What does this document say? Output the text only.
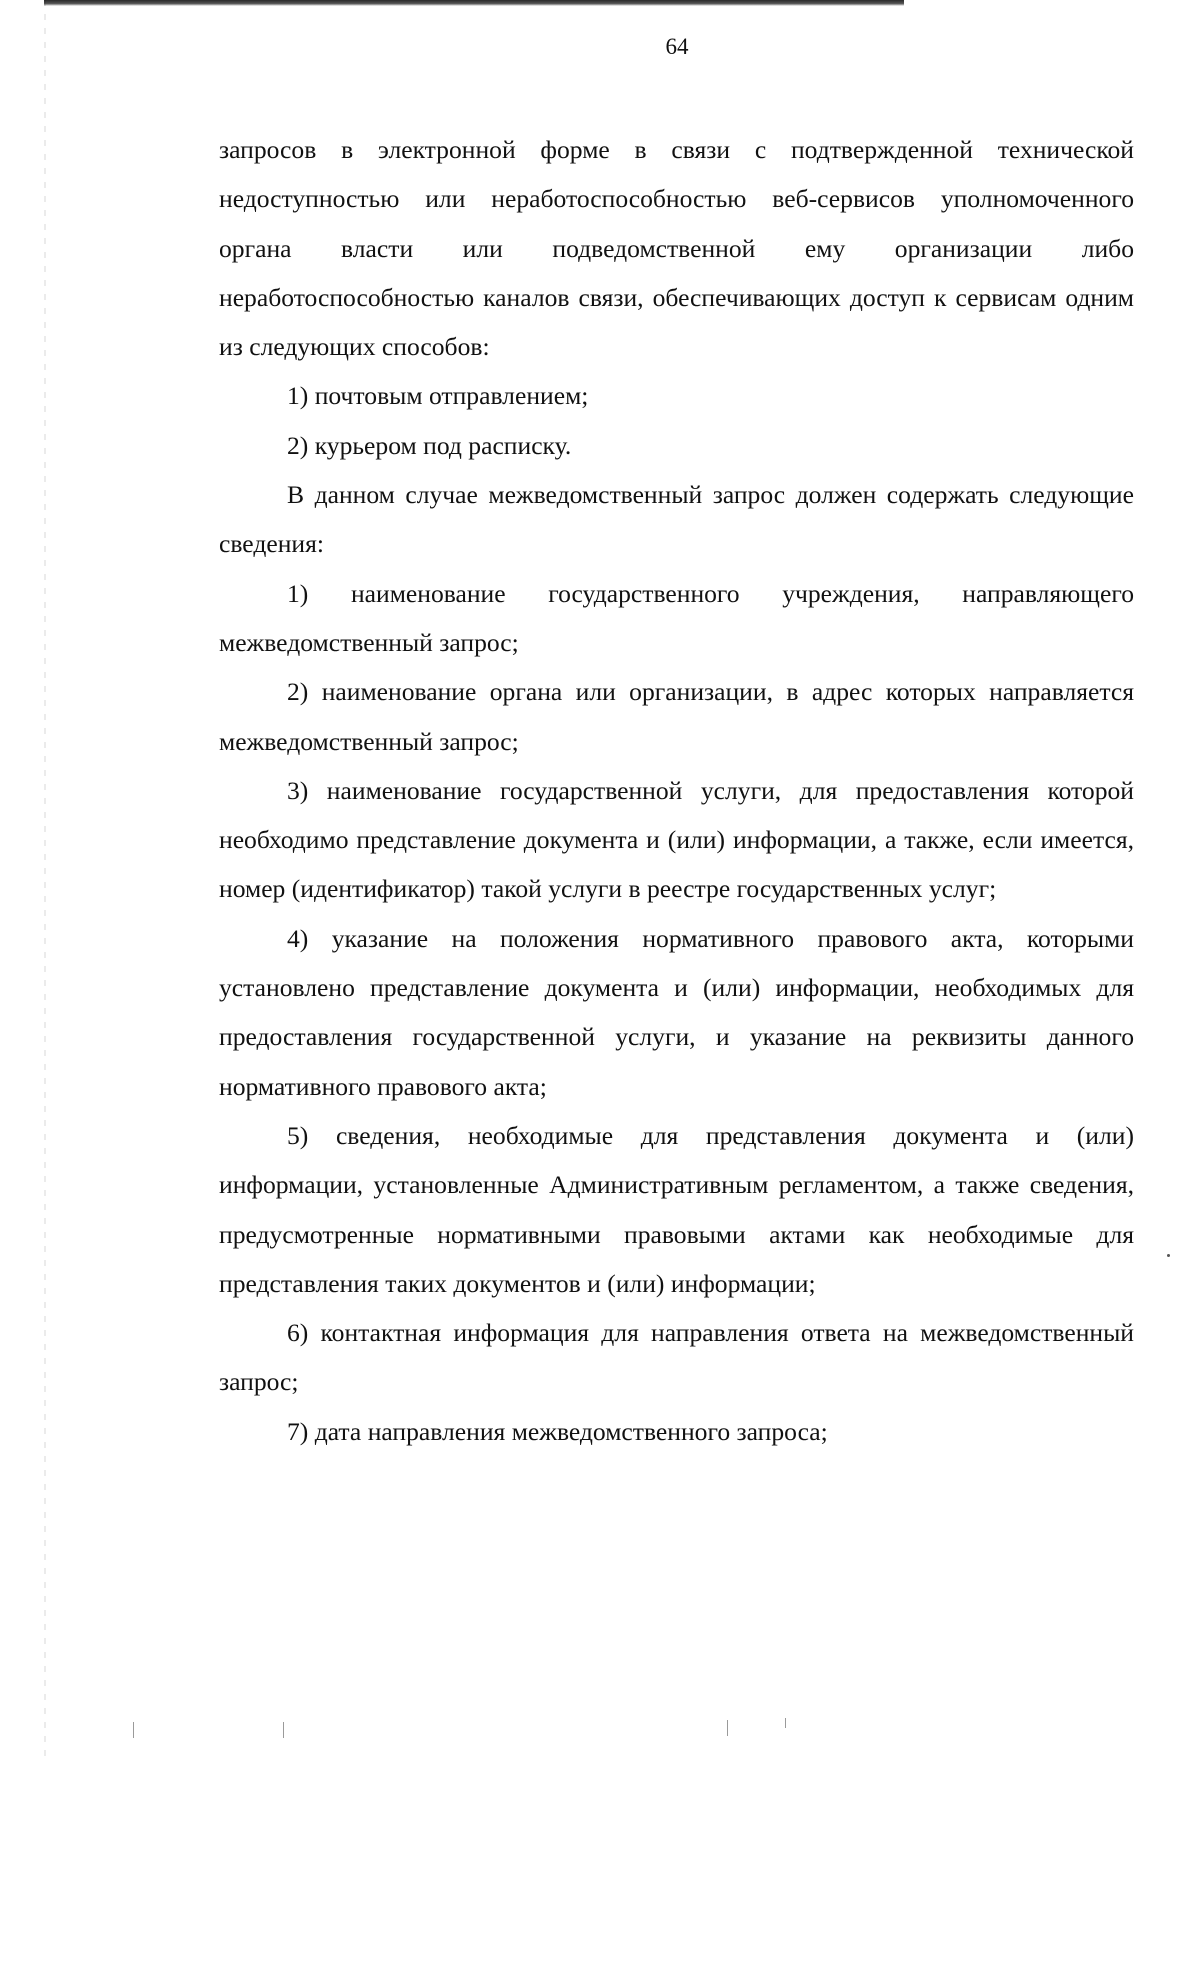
64

запросов в электронной форме в связи с подтвержденной технической недоступностью или неработоспособностью веб-сервисов уполномоченного органа власти или подведомственной ему организации либо неработоспособностью каналов связи, обеспечивающих доступ к сервисам одним из следующих способов:

1) почтовым отправлением;

2) курьером под расписку.

В данном случае межведомственный запрос должен содержать следующие сведения:

1) наименование государственного учреждения, направляющего межведомственный запрос;

2) наименование органа или организации, в адрес которых направляется межведомственный запрос;

3) наименование государственной услуги, для предоставления которой необходимо представление документа и (или) информации, а также, если имеется, номер (идентификатор) такой услуги в реестре государственных услуг;

4) указание на положения нормативного правового акта, которыми установлено представление документа и (или) информации, необходимых для предоставления государственной услуги, и указание на реквизиты данного нормативного правового акта;

5) сведения, необходимые для представления документа и (или) информации, установленные Административным регламентом, а также сведения, предусмотренные нормативными правовыми актами как необходимые для представления таких документов и (или) информации;

6) контактная информация для направления ответа на межведомственный запрос;

7) дата направления межведомственного запроса;
